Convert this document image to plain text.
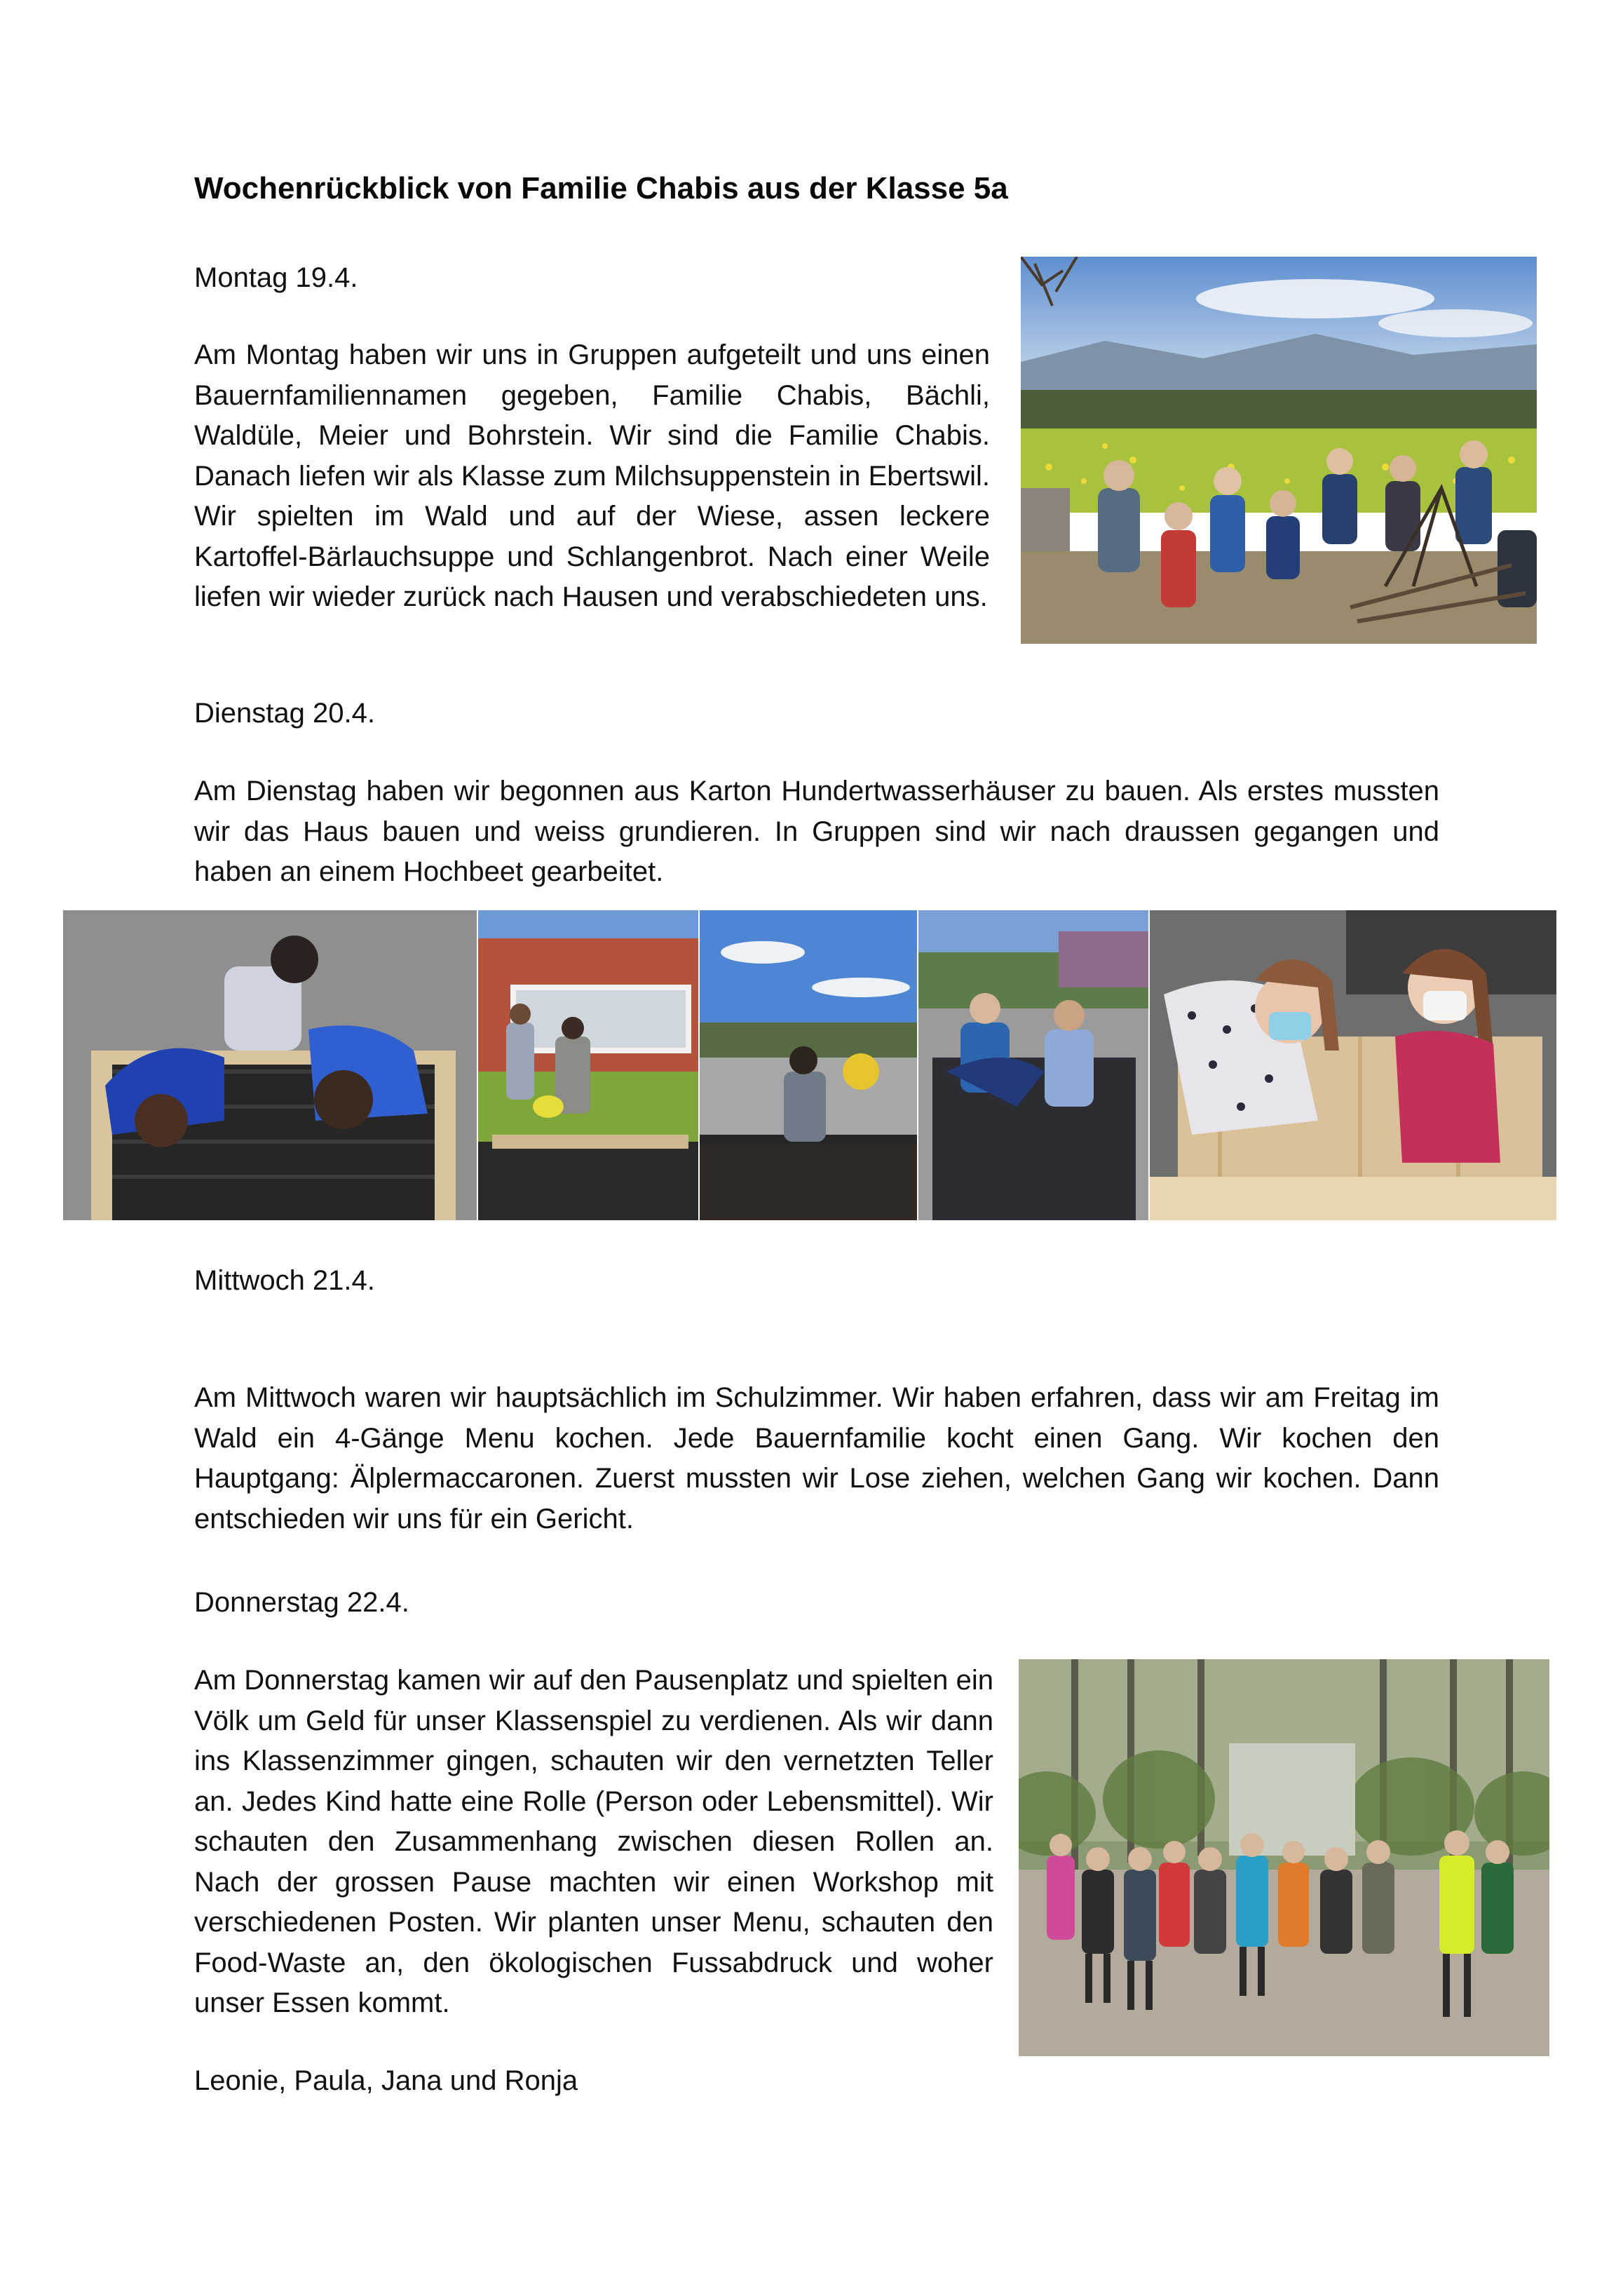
Wochenrückblick von Familie Chabis aus der Klasse 5a

Montag 19.4.

Am Montag haben wir uns in Gruppen aufgeteilt und uns einen Bauernfamiliennamen gegeben, Familie Chabis, Bächli, Waldüle, Meier und Bohrstein. Wir sind die Familie Chabis. Danach liefen wir als Klasse zum Milchsuppenstein in Ebertswil. Wir spielten im Wald und auf der Wiese, assen leckere Kartoffel-Bärlauchsuppe und Schlangenbrot. Nach einer Weile liefen wir wieder zurück nach Hausen und verabschiedeten uns.

Dienstag 20.4.

Am Dienstag haben wir begonnen aus Karton Hundertwasserhäuser zu bauen. Als erstes mussten wir das Haus bauen und weiss grundieren. In Gruppen sind wir nach draussen gegangen und haben an einem Hochbeet gearbeitet.

Mittwoch 21.4.

Am Mittwoch waren wir hauptsächlich im Schulzimmer. Wir haben erfahren, dass wir am Freitag im Wald ein 4-Gänge Menu kochen. Jede Bauernfamilie kocht einen Gang. Wir kochen den Hauptgang: Älplermaccaronen. Zuerst mussten wir Lose ziehen, welchen Gang wir kochen. Dann entschieden wir uns für ein Gericht.

Donnerstag 22.4.

Am Donnerstag kamen wir auf den Pausenplatz und spielten ein Völk um Geld für unser Klassenspiel zu verdienen. Als wir dann ins Klassenzimmer gingen, schauten wir den vernetzten Teller an. Jedes Kind hatte eine Rolle (Person oder Lebensmittel). Wir schauten den Zusammenhang zwischen diesen Rollen an. Nach der grossen Pause machten wir einen Workshop mit verschiedenen Posten. Wir planten unser Menu, schauten den Food-Waste an, den ökologischen Fussabdruck und woher unser Essen kommt.

Leonie, Paula, Jana und Ronja
